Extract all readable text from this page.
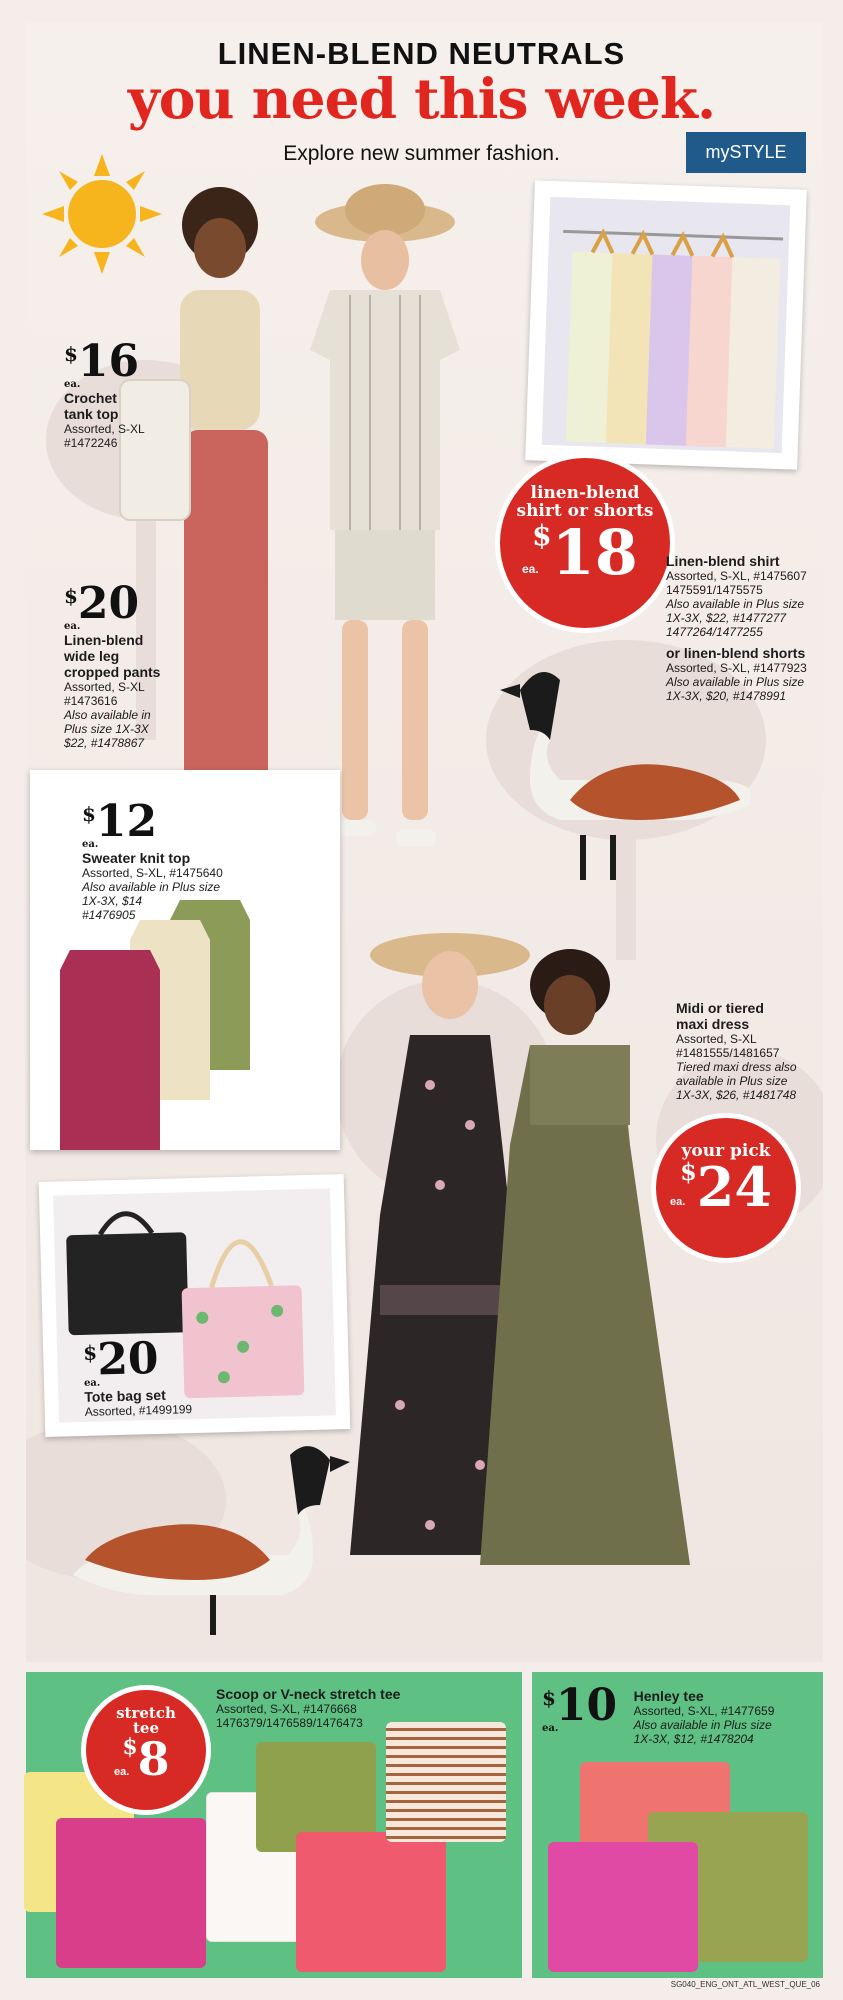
LINEN-BLEND NEUTRALS
you need this week.
Explore new summer fashion.	mySTYLE
$16
ea.
Crochet tank top
Assorted, S-XL
#1472246
$20
ea.
Linen-blend
wide leg
cropped pants
Assorted, S-XL
#1473616
Also available in
Plus size 1X-3X
$22, #1478867
linen-blend
shirt or shorts
$18
ea.	Linen-blend shirt
Assorted, S-XL, #1475607
1475591/1475575
Also available in Plus size
1X-3X, $22, #1477277
1477264/1477255
or linen-blend shorts
Assorted, S-XL, #1477923
Also available in Plus size
1X-3X, $20, #1478991
$12
ea.
Sweater knit top
Assorted, S-XL, #1475640
Also available in Plus size
1X-3X, $14
#1476905
$20
ea.
Tote bag set
Assorted, #1499199
Midi or tiered
maxi dress
Assorted, S-XL
#1481555/1481657
Tiered maxi dress also
available in Plus size
1X-3X, $26, #1481748
your pick
$24
ea.
stretch
tee
$8
ea.
Scoop or V-neck stretch tee
Assorted, S-XL, #1476668
1476379/1476589/1476473
$10
ea.

Henley tee
Assorted, S-XL, #1477659
Also available in Plus size
1X-3X, $12, #1478204
SG040_ENG_ONT_ATL_WEST_QUE_06
